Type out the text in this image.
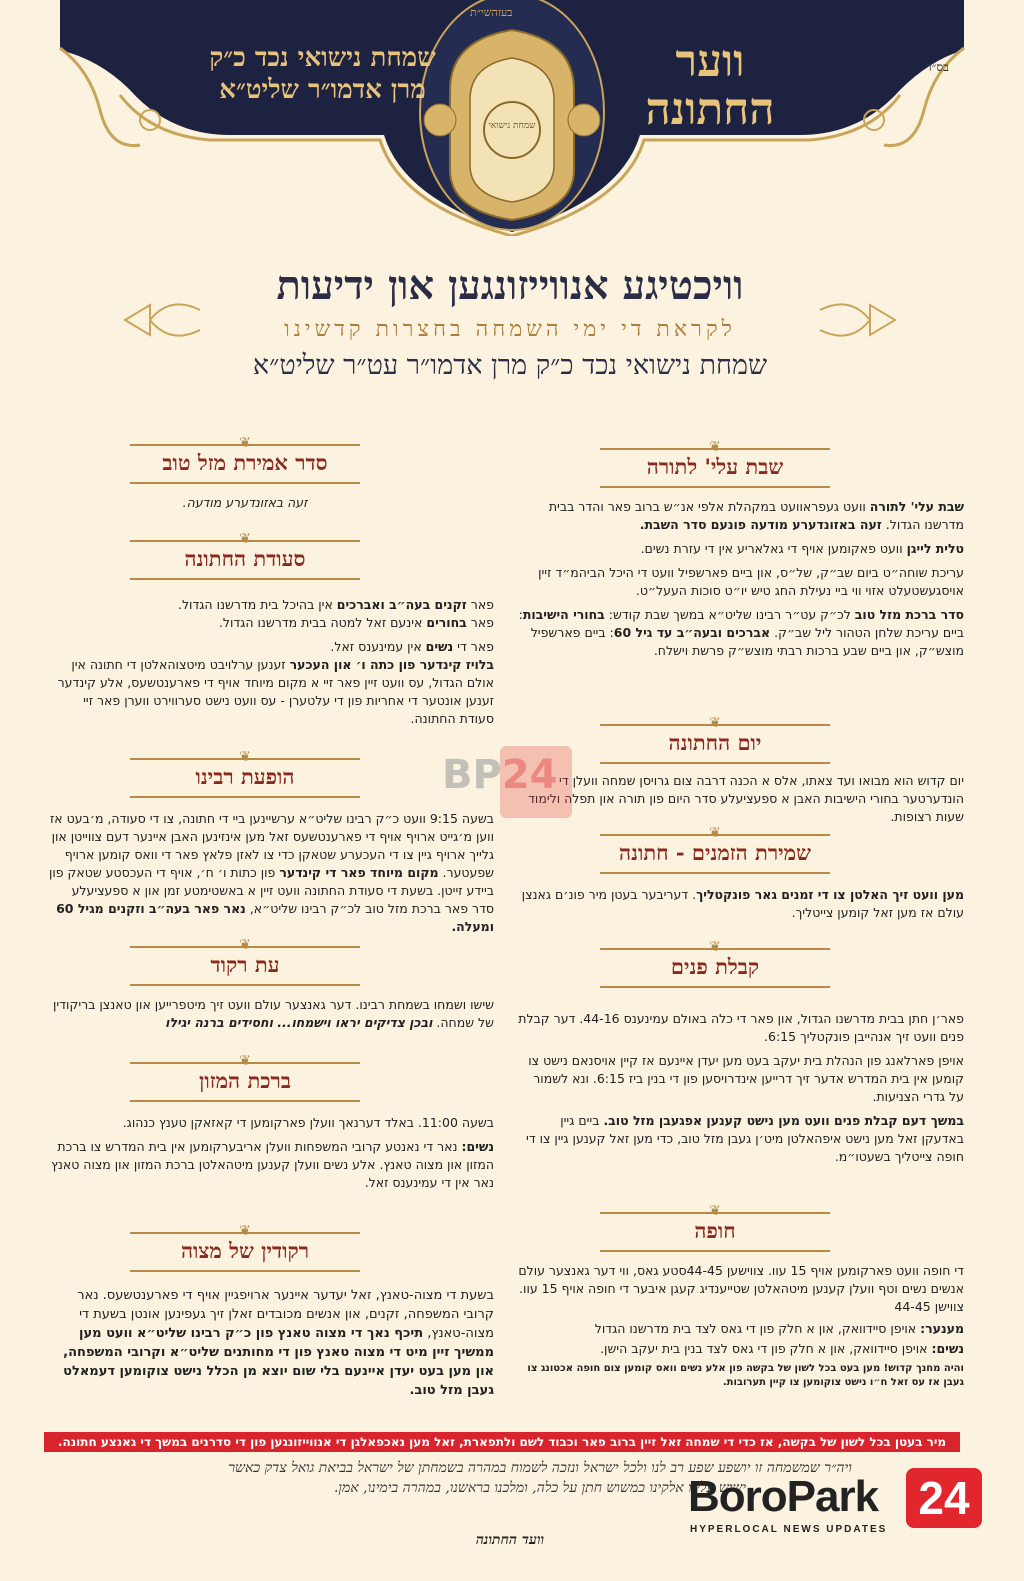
בעזהשי״ת
בס״ד
ווער החתונה
שמחת נישואי נכד כ״ק מרן אדמו״ר שליט״א
שמחת נישואי
וויכטיגע אנווייזונגען און ידיעות
לקראת די ימי השמחה בחצרות קדשינו
שמחת נישואי נכד כ״ק מרן אדמו״ר עט״ר שליט״א
❦
שבת עלי' לתורה

שבת עלי' לתורה וועט געפראוועט במקהלת אלפי אנ״ש ברוב פאר והדר בבית מדרשנו הגדול. זעה באזונדערע מודעה פונעם סדר השבת.

טלית לייגן וועט פאקומען אויף די גאלאריע אין די עזרת נשים.

עריכת שוחה״ט ביום שב״ק, של״ס, און ביים פארשפיל וועט די היכל הביהמ״ד זיין אויסגעשטעלט אזוי ווי ביי נעילת החג טיש יו״ט סוכות העעל״ט.

סדר ברכת מזל טוב לכ״ק עט״ר רבינו שליט״א במשך שבת קודש: בחורי הישיבות: ביים עריכת שלחן הטהור ליל שב״ק. אברכים ובעה״ב עד גיל 60: ביים פארשפיל מוצש״ק, און ביים שבע ברכות רבתי מוצש״ק פרשת וישלח.

❦
יום החתונה
יום קדוש הוא מבואו ועד צאתו, אלס א הכנה דרבה צום גרויסן שמחה וועלן די הונדערטער בחורי הישיבות האבן א ספעציעלע סדר היום פון תורה און תפלה ולימוד שעות רצופות.
❦
שמירת הזמנים - חתונה
מען וועט זיך האלטן צו די זמנים גאר פונקטליך. דעריבער בעטן מיר פונ׳ם גאנצן עולם אז מען זאל קומען צייטליך.
❦
קבלת פנים

פאר׳ן חתן בבית מדרשנו הגדול, און פאר די כלה באולם עמינענס 44-16. דער קבלת פנים וועט זיך אנהייבן פונקטליך 6:15.

אויפן פארלאנג פון הנהלת בית יעקב בעט מען יעדן איינעם אז קיין אויסנאם נישט צו קומען אין בית המדרש אדער זיך דרייען אינדרויסען פון די בנין ביז 6:15. ונא לשמור על גדרי הצניעות.

במשך דעם קבלת פנים וועט מען נישט קענען אפגעבן מזל טוב. ביים גיין באדעקן זאל מען נישט איפהאלטן מיט׳ן געבן מזל טוב, כדי מען זאל קענען גיין צו די חופה צייטליך בשעטו״מ.

❦
חופה

די חופה וועט פארקומען אויף 15 עוו. צווישען 44-45סטע גאס, ווי דער גאנצער עולם אנשים נשים וטף וועלן קענען מיטהאלטן שטייענדיג קעגן איבער די חופה אויף 15 עוו. צווישן 44-45

מענער: אויפן סיידוואק, און א חלק פון די גאס לצד בית מדרשנו הגדול

נשים: אויפן סיידוואק, און א חלק פון די גאס לצד בנין בית יעקב הישן.

והיה מחנך קדוש! מען בעט בכל לשון של בקשה פון אלע נשים וואס קומען צום חופה אכטונג צו געבן אז עס זאל ח״ו נישט צוקומען צו קיין תערובות.

❦
סדר אמירת מזל טוב
זעה באזונדערע מודעה.
❦
סעודת החתונה

פאר זקנים בעה״ב ואברכים אין בהיכל בית מדרשנו הגדול.

פאר בחורים אינעם זאל למטה בבית מדרשנו הגדול.

פאר די נשים אין עמינענס זאל.

בלויז קינדער פון כתה ו׳ און העכער זענען ערלויבט מיטצוהאלטן די חתונה אין אולם הגדול, עס וועט זיין פאר זיי א מקום מיוחד אויף די פארענטשעס, אלע קינדער זענען אונטער די אחריות פון די עלטערן - עס וועט נישט סערווירט ווערן פאר זיי סעודת החתונה.

❦
הופעת רבינו
בשעה 9:15 וועט כ״ק רבינו שליט״א ערשיינען ביי די חתונה, צו די סעודה, מ׳בעט אז ווען מ׳גייט ארויף אויף די פארענטשעס זאל מען אינזינען האבן איינער דעם צווייטן און גלייך ארויף גיין צו די העכערע שטאקן כדי צו לאזן פלאץ פאר די וואס קומען ארויף שפעטער. מקום מיוחד פאר די קינדער פון כתות ו׳ ח׳, אויף די העכסטע שטאק פון ביידע זייטן. בשעת די סעודת החתונה וועט זיין א באשטימטע זמן און א ספעציעלע סדר פאר ברכת מזל טוב לכ״ק רבינו שליט״א, נאר פאר בעה״ב וזקנים מגיל 60 ומעלה.
❦
עת רקוד
שישו ושמחו בשמחת רבינו. דער גאנצער עולם וועט זיך מיטפרייען און טאנצן בריקודין של שמחה. ובכן צדיקים יראו וישמחו... וחסידים ברנה יגילו
❦
ברכת המזון

בשעה 11:00. באלד דערנאך וועלן פארקומען די קאזאקן טענץ כנהוג.

נשים: נאר די נאנטע קרובי המשפחות וועלן אריבערקומען אין בית המדרש צו ברכת המזון און מצוה טאנץ. אלע נשים וועלן קענען מיטהאלטן ברכת המזון און מצוה טאנץ נאר אין די עמינענס זאל.

❦
רקודין של מצוה
בשעת די מצוה-טאנץ, זאל יעדער איינער ארויפגיין אויף די פארענטשעס. נאר קרובי המשפחה, זקנים, און אנשים מכובדים זאלן זיך געפינען אונטן בשעת די מצוה-טאנץ, תיכף נאך די מצוה טאנץ פון כ״ק רבינו שליט״א וועט מען ממשיך זיין מיט די מצוה טאנץ פון די מחותנים שליט״א וקרובי המשפחה, און מען בעט יעדן איינעם בלי שום יוצא מן הכלל נישט צוקומען דעמאלט געבן מזל טוב.
BP24
מיר בעטן בכל לשון של בקשה, אז כדי די שמחה זאל זיין ברוב פאר וכבוד לשם ולתפארת, זאל מען נאכפאלגן די אנווייזונגען פון די סדרנים במשך די גאנצע חתונה.
ויה״ר שמשמחה זו יושפע שפע רב לנו ולכל ישראל ונזכה לשמוח במהרה בשמחתן של ישראל בביאת גואל צדק כאשר
ישיש עלינו אלקינו כמשוש חתן על כלה, ומלכנו בראשנו, במהרה בימינו, אמן.
וועד החתונה
BoroPark 24
HYPERLOCAL NEWS UPDATES
